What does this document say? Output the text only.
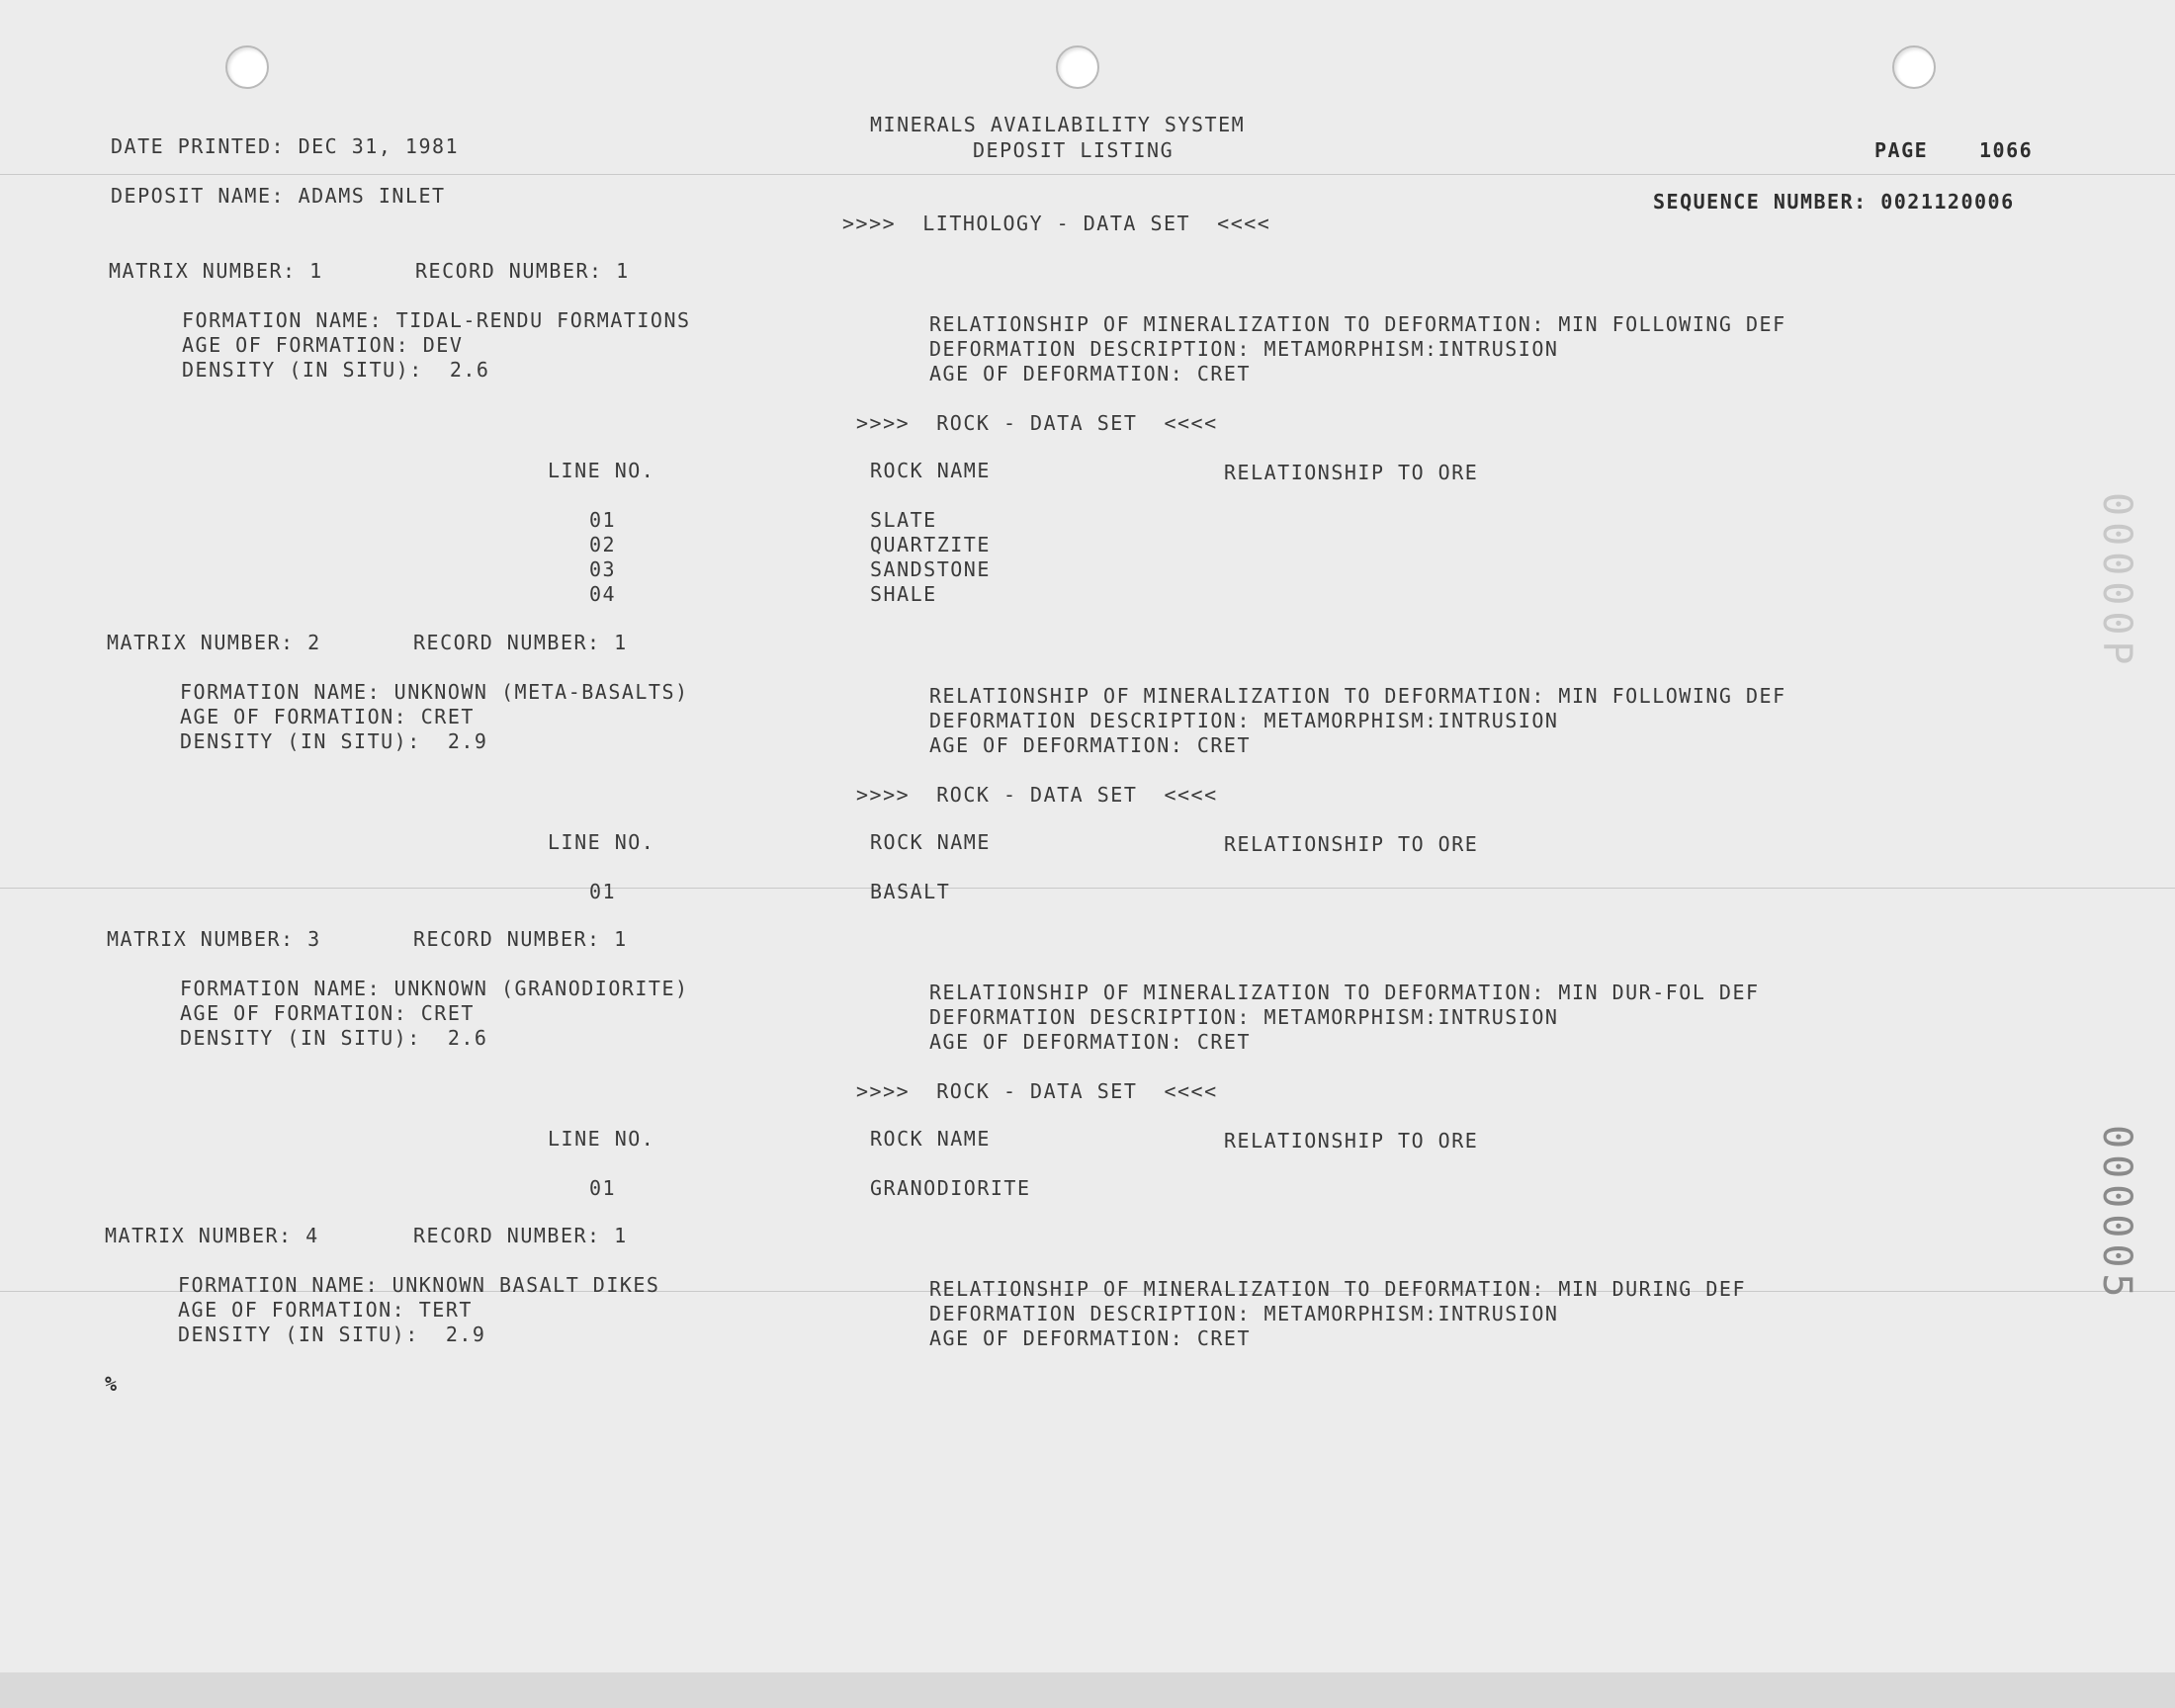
MINERALS AVAILABILITY SYSTEM
DEPOSIT LISTING
DATE PRINTED: DEC 31, 1981	PAGE	1066
DEPOSIT NAME: ADAMS INLET	SEQUENCE NUMBER: 0021120006
>>>>  LITHOLOGY - DATA SET  <<<<
MATRIX NUMBER: 1	RECORD NUMBER: 1
FORMATION NAME: TIDAL-RENDU FORMATIONS
AGE OF FORMATION: DEV
DENSITY (IN SITU):  2.6
RELATIONSHIP OF MINERALIZATION TO DEFORMATION: MIN FOLLOWING DEF
DEFORMATION DESCRIPTION: METAMORPHISM:INTRUSION
AGE OF DEFORMATION: CRET
>>>>  ROCK - DATA SET  <<<<
LINE NO.	ROCK NAME	RELATIONSHIP TO ORE
01	SLATE
02	QUARTZITE
03	SANDSTONE
04	SHALE
MATRIX NUMBER: 2	RECORD NUMBER: 1
FORMATION NAME: UNKNOWN (META-BASALTS)
AGE OF FORMATION: CRET
DENSITY (IN SITU):  2.9
RELATIONSHIP OF MINERALIZATION TO DEFORMATION: MIN FOLLOWING DEF
DEFORMATION DESCRIPTION: METAMORPHISM:INTRUSION
AGE OF DEFORMATION: CRET
>>>>  ROCK - DATA SET  <<<<
LINE NO.	ROCK NAME	RELATIONSHIP TO ORE
01	BASALT
MATRIX NUMBER: 3	RECORD NUMBER: 1
FORMATION NAME: UNKNOWN (GRANODIORITE)
AGE OF FORMATION: CRET
DENSITY (IN SITU):  2.6
RELATIONSHIP OF MINERALIZATION TO DEFORMATION: MIN DUR-FOL DEF
DEFORMATION DESCRIPTION: METAMORPHISM:INTRUSION
AGE OF DEFORMATION: CRET
>>>>  ROCK - DATA SET  <<<<
LINE NO.	ROCK NAME	RELATIONSHIP TO ORE
01	GRANODIORITE
MATRIX NUMBER: 4	RECORD NUMBER: 1
FORMATION NAME: UNKNOWN BASALT DIKES
AGE OF FORMATION: TERT
DENSITY (IN SITU):  2.9
RELATIONSHIP OF MINERALIZATION TO DEFORMATION: MIN DURING DEF
DEFORMATION DESCRIPTION: METAMORPHISM:INTRUSION
AGE OF DEFORMATION: CRET
%
00000P
000005
